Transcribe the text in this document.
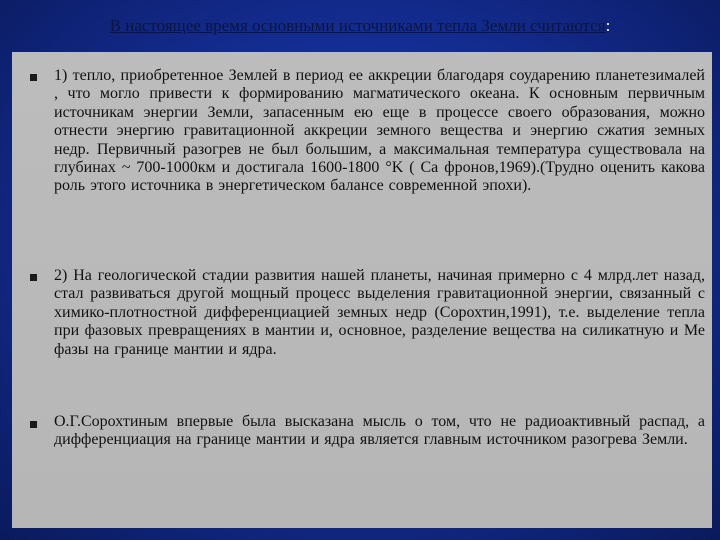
В настоящее время основными источниками тепла Земли считаются:
1) тепло, приобретенное Землей в период ее аккреции благодаря соударению планетезималей , что могло привести к формированию магматического океана. К основным первичным источникам энергии Земли, запасенным ею еще в процессе своего образования, можно отнести энергию гравитационной аккреции земного вещества и энергию сжатия земных недр. Первичный разогрев не был большим, а максимальная температура существовала на глубинах ~ 700-1000км и достигала 1600-1800 °K ( Са фронов,1969).(Трудно оценить какова роль этого источника в энергетическом балансе современной эпохи).
2) На геологической стадии развития нашей планеты, начиная примерно с 4 млрд.лет назад, стал развиваться другой мощный процесс выделения гравитационной энергии, связанный с химико-плотностной дифференциацией земных недр (Сорохтин,1991), т.е. выделение тепла при фазовых превращениях в мантии и, основное, разделение вещества на силикатную и Ме фазы на границе мантии и ядра.
О.Г.Сорохтиным впервые была высказана мысль о том, что не радиоактивный распад, а дифференциация на границе мантии и ядра является главным источником разогрева Земли.
